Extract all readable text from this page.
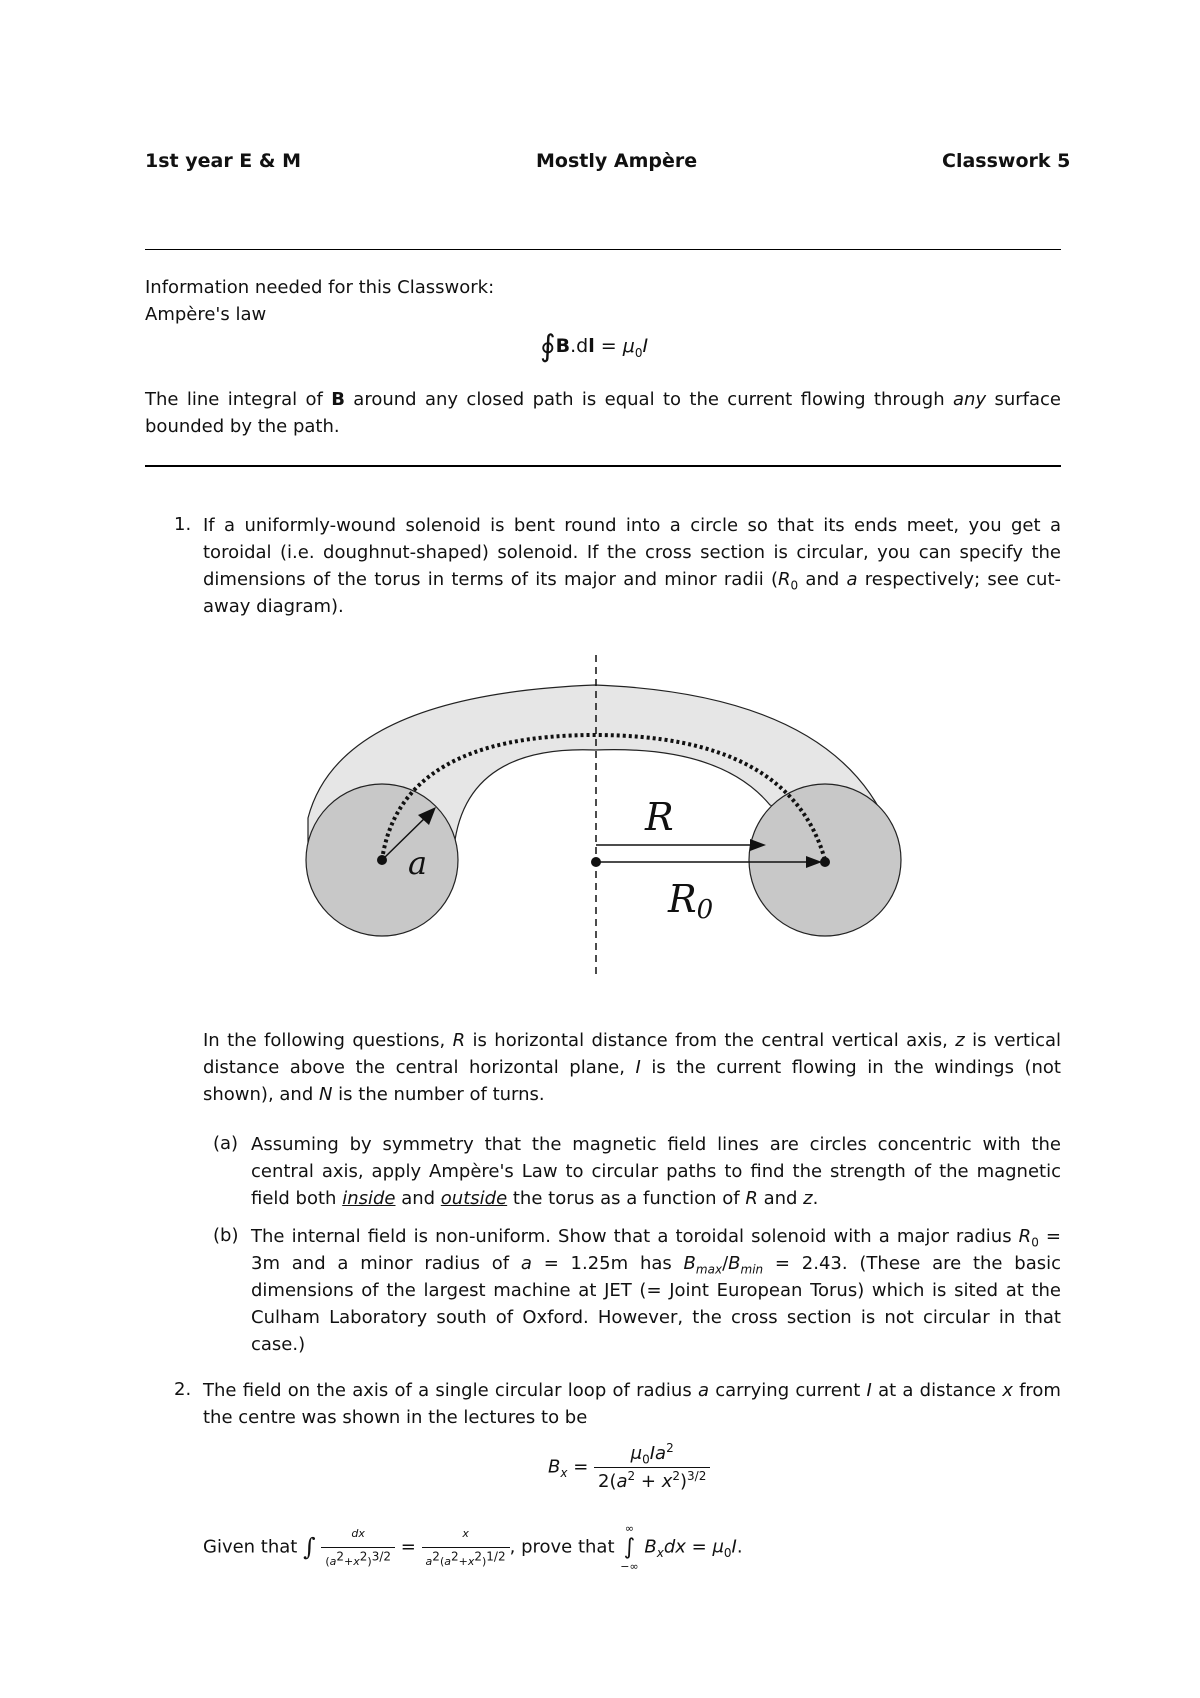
1st year E & M	Mostly Ampère	Classwork 5
Information needed for this Classwork:
Ampère's law
∮B.dl = $\mu_0I$
The line integral of B around any closed path is equal to the current flowing through any surface bounded by the path.
1. If a uniformly-wound solenoid is bent round into a circle so that its ends meet, you get a toroidal (i.e. doughnut-shaped) solenoid. If the cross section is circular, you can specify the dimensions of the torus in terms of its major and minor radii ($R_0$ and a respectively; see cut-away diagram).
a
R
R0
In the following questions, R is horizontal distance from the central vertical axis, z is vertical distance above the central horizontal plane, I is the current flowing in the windings (not shown), and N is the number of turns.
(a) Assuming by symmetry that the magnetic field lines are circles concentric with the central axis, apply Ampère's Law to circular paths to find the strength of the magnetic field both inside and outside the torus as a function of R and z.
(b) The internal field is non-uniform. Show that a toroidal solenoid with a major radius $R_0 = 3m$ and a minor radius of a = 1.25m has $B_{max}/B_{min} = 2.43$. (These are the basic dimensions of the largest machine at JET (= Joint European Torus) which is sited at the Culham Laboratory south of Oxford. However, the cross section is not circular in that case.)
2. The field on the axis of a single circular loop of radius a carrying current I at a distance x from the centre was shown in the lectures to be
$B_x = \frac{\mu_0Ia^2}{2(a^2 + x^2)^{3/2}}$
Given that ∫ $\frac{dx}{(a^2+x^2)^{3/2}} = \frac{x}{a^2(a^2+x^2)^{1/2}}$ , prove that
∞
∫
−∞
$B_xdx = \mu_0I$.
